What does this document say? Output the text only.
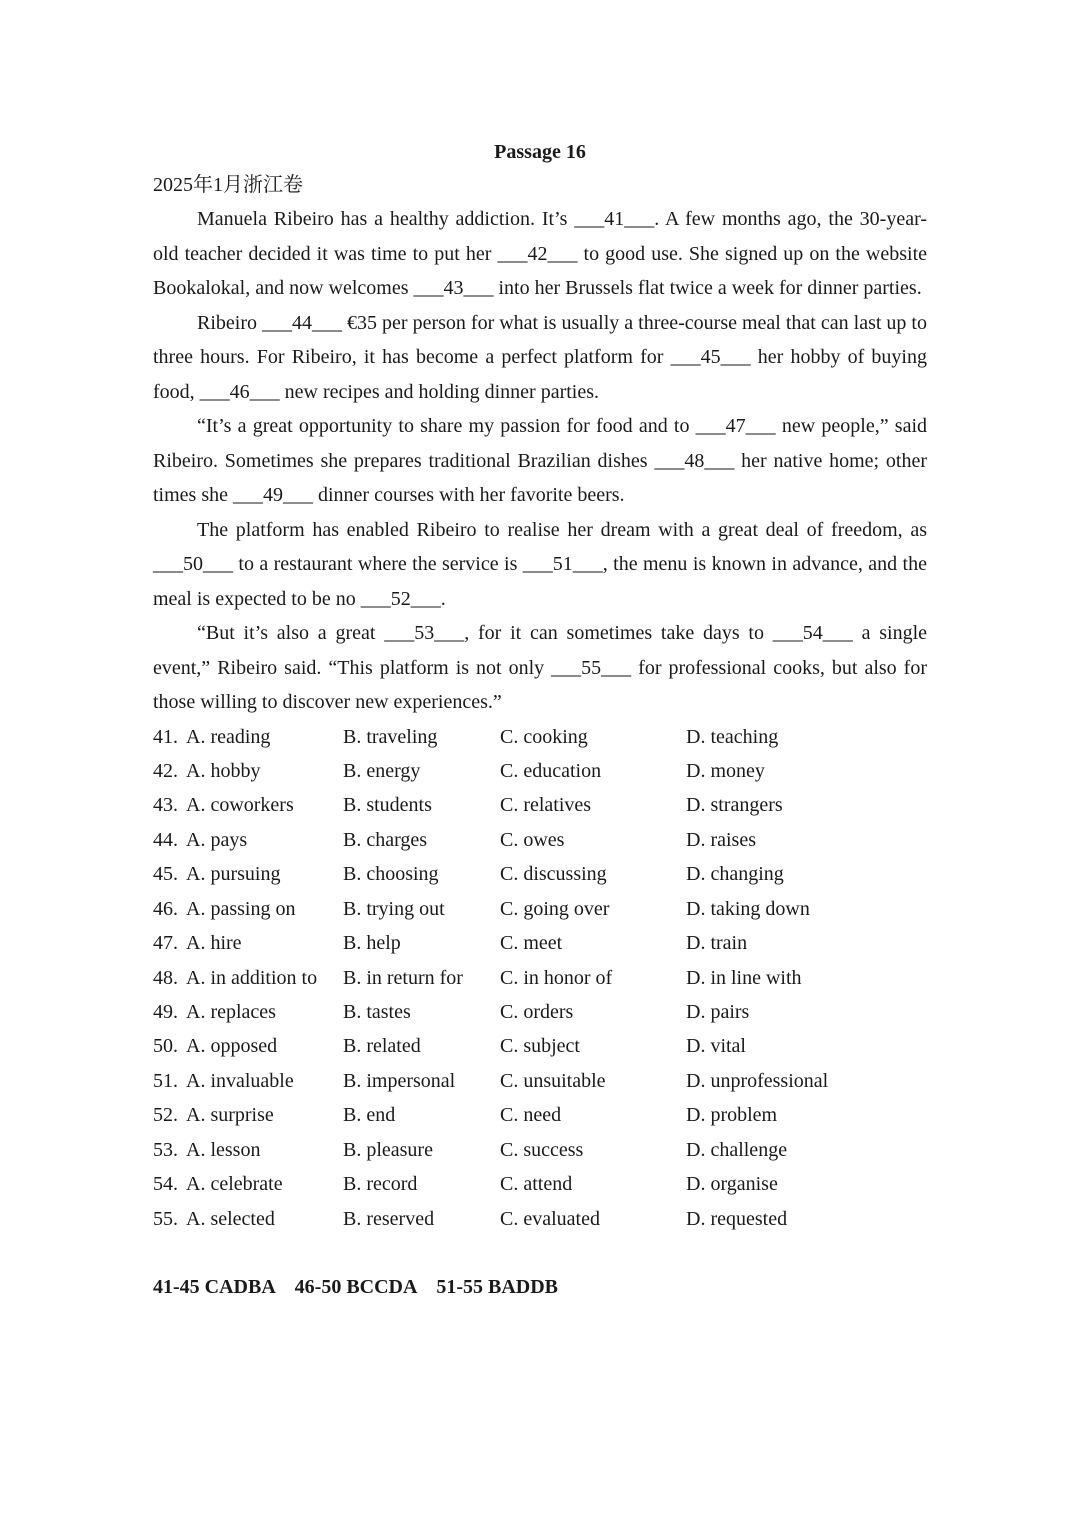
Passage 16

2025年1月浙江卷

Manuela Ribeiro has a healthy addiction. It’s ___41___. A few months ago, the 30-year-old teacher decided it was time to put her ___42___ to good use. She signed up on the website Bookalokal, and now welcomes ___43___ into her Brussels flat twice a week for dinner parties.

Ribeiro ___44___ €35 per person for what is usually a three-course meal that can last up to three hours. For Ribeiro, it has become a perfect platform for ___45___ her hobby of buying food, ___46___ new recipes and holding dinner parties.

“It’s a great opportunity to share my passion for food and to ___47___ new people,” said Ribeiro. Sometimes she prepares traditional Brazilian dishes ___48___ her native home; other times she ___49___ dinner courses with her favorite beers.

The platform has enabled Ribeiro to realise her dream with a great deal of freedom, as ___50___ to a restaurant where the service is ___51___, the menu is known in advance, and the meal is expected to be no ___52___.

“But it’s also a great ___53___, for it can sometimes take days to ___54___ a single event,” Ribeiro said. “This platform is not only ___55___ for professional cooks, but also for those willing to discover new experiences.”

41. A. reading	B. traveling	C. cooking	D. teaching
42. A. hobby	B. energy	C. education	D. money
43. A. coworkers B. students	C. relatives	D. strangers
44. A. pays	B. charges	C. owes	D. raises
45. A. pursuing	B. choosing	C. discussing	D. changing
46. A. passing on B. trying out	C. going over	D. taking down
47. A. hire	B. help	C. meet	D. train
48. A. in addition to B. in return for C. in honor of	D. in line with
49. A. replaces	B. tastes	C. orders	D. pairs
50. A. opposed	B. related	C. subject	D. vital
51. A. invaluable B. impersonal C. unsuitable	D. unprofessional
52. A. surprise	B. end	C. need	D. problem
53. A. lesson	B. pleasure	C. success	D. challenge
54. A. celebrate	B. record	C. attend	D. organise
55. A. selected	B. reserved	C. evaluated	D. requested
41-45 CADBA    46-50 BCCDA    51-55 BADDB
